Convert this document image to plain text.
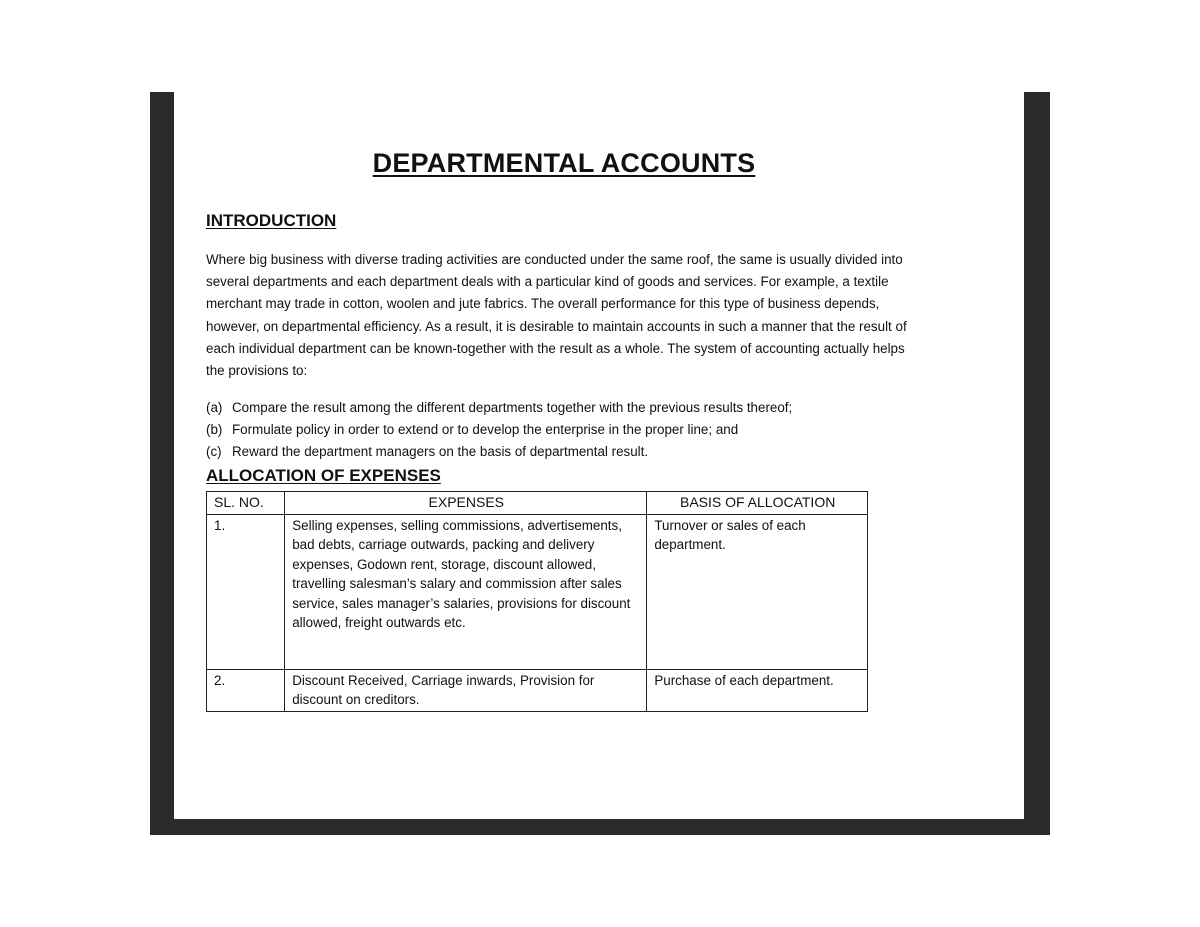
DEPARTMENTAL ACCOUNTS
INTRODUCTION

Where big business with diverse trading activities are conducted under the same roof, the same is usually divided into several departments and each department deals with a particular kind of goods and services. For example, a textile merchant may trade in cotton, woolen and jute fabrics. The overall performance for this type of business depends, however, on departmental efficiency. As a result, it is desirable to maintain accounts in such a manner that the result of each individual department can be known-together with the result as a whole. The system of accounting actually helps the provisions to:

(a) Compare the result among the different departments together with the previous results thereof;
(b) Formulate policy in order to extend or to develop the enterprise in the proper line; and
(c) Reward the department managers on the basis of departmental result.
ALLOCATION OF EXPENSES
SL. NO.	EXPENSES	BASIS OF ALLOCATION
1.	Selling expenses, selling commissions, advertisements, bad debts, carriage outwards, packing and delivery expenses, Godown rent, storage, discount allowed, travelling salesman’s salary and commission after sales service, sales manager’s salaries, provisions for discount allowed, freight outwards etc.	Turnover or sales of each department.
2.	Discount Received, Carriage inwards, Provision for discount on creditors.	Purchase of each department.
